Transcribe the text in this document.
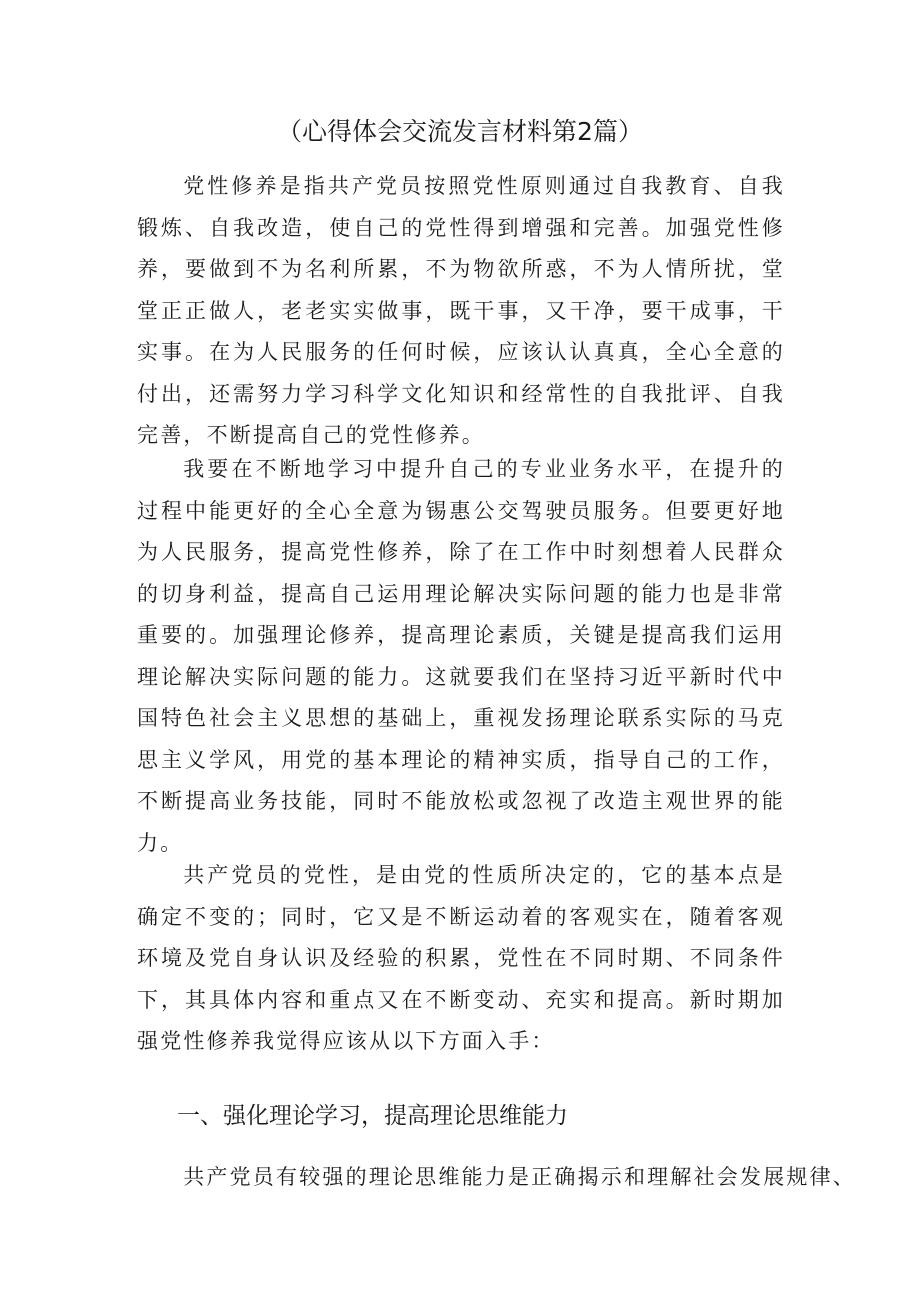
（心得体会交流发言材料第2篇）

党性修养是指共产党员按照党性原则通过自我教育、自我锻炼、自我改造，使自己的党性得到增强和完善。加强党性修养，要做到不为名利所累，不为物欲所惑，不为人情所扰，堂堂正正做人，老老实实做事，既干事，又干净，要干成事，干实事。在为人民服务的任何时候，应该认认真真，全心全意的付出，还需努力学习科学文化知识和经常性的自我批评、自我完善，不断提高自己的党性修养。

我要在不断地学习中提升自己的专业业务水平，在提升的过程中能更好的全心全意为锡惠公交驾驶员服务。但要更好地为人民服务，提高党性修养，除了在工作中时刻想着人民群众的切身利益，提高自己运用理论解决实际问题的能力也是非常重要的。加强理论修养，提高理论素质，关键是提高我们运用理论解决实际问题的能力。这就要我们在坚持习近平新时代中国特色社会主义思想的基础上，重视发扬理论联系实际的马克思主义学风，用党的基本理论的精神实质，指导自己的工作，不断提高业务技能，同时不能放松或忽视了改造主观世界的能力。

共产党员的党性，是由党的性质所决定的，它的基本点是确定不变的；同时，它又是不断运动着的客观实在，随着客观环境及党自身认识及经验的积累，党性在不同时期、不同条件下，其具体内容和重点又在不断变动、充实和提高。新时期加强党性修养我觉得应该从以下方面入手：

共产党员有较强的理论思维能力是正确揭示和理解社会发展规律、

一、强化理论学习，提高理论思维能力
